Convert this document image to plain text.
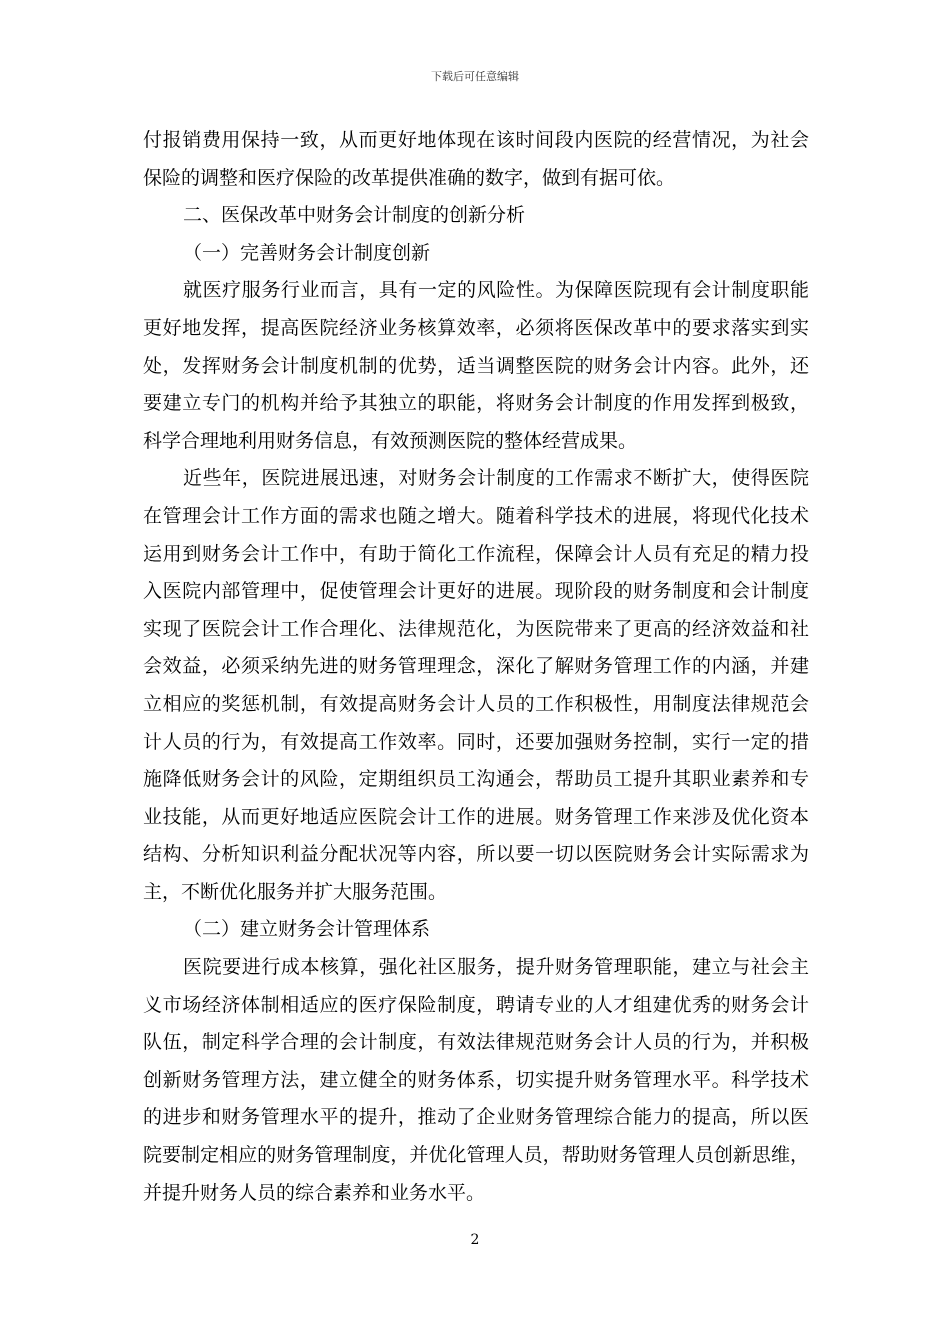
下载后可任意编辑
付报销费用保持一致，从而更好地体现在该时间段内医院的经营情况，为社会
保险的调整和医疗保险的改革提供准确的数字，做到有据可依。
二、医保改革中财务会计制度的创新分析
（一）完善财务会计制度创新
就医疗服务行业而言，具有一定的风险性。为保障医院现有会计制度职能
更好地发挥，提高医院经济业务核算效率，必须将医保改革中的要求落实到实
处，发挥财务会计制度机制的优势，适当调整医院的财务会计内容。此外，还
要建立专门的机构并给予其独立的职能，将财务会计制度的作用发挥到极致，
科学合理地利用财务信息，有效预测医院的整体经营成果。
近些年，医院进展迅速，对财务会计制度的工作需求不断扩大，使得医院
在管理会计工作方面的需求也随之增大。随着科学技术的进展，将现代化技术
运用到财务会计工作中，有助于简化工作流程，保障会计人员有充足的精力投
入医院内部管理中，促使管理会计更好的进展。现阶段的财务制度和会计制度
实现了医院会计工作合理化、法律规范化，为医院带来了更高的经济效益和社
会效益，必须采纳先进的财务管理理念，深化了解财务管理工作的内涵，并建
立相应的奖惩机制，有效提高财务会计人员的工作积极性，用制度法律规范会
计人员的行为，有效提高工作效率。同时，还要加强财务控制，实行一定的措
施降低财务会计的风险，定期组织员工沟通会，帮助员工提升其职业素养和专
业技能，从而更好地适应医院会计工作的进展。财务管理工作来涉及优化资本
结构、分析知识利益分配状况等内容，所以要一切以医院财务会计实际需求为
主，不断优化服务并扩大服务范围。
（二）建立财务会计管理体系
医院要进行成本核算，强化社区服务，提升财务管理职能，建立与社会主
义市场经济体制相适应的医疗保险制度，聘请专业的人才组建优秀的财务会计
队伍，制定科学合理的会计制度，有效法律规范财务会计人员的行为，并积极
创新财务管理方法，建立健全的财务体系，切实提升财务管理水平。科学技术
的进步和财务管理水平的提升，推动了企业财务管理综合能力的提高，所以医
院要制定相应的财务管理制度，并优化管理人员，帮助财务管理人员创新思维，
并提升财务人员的综合素养和业务水平。
2
